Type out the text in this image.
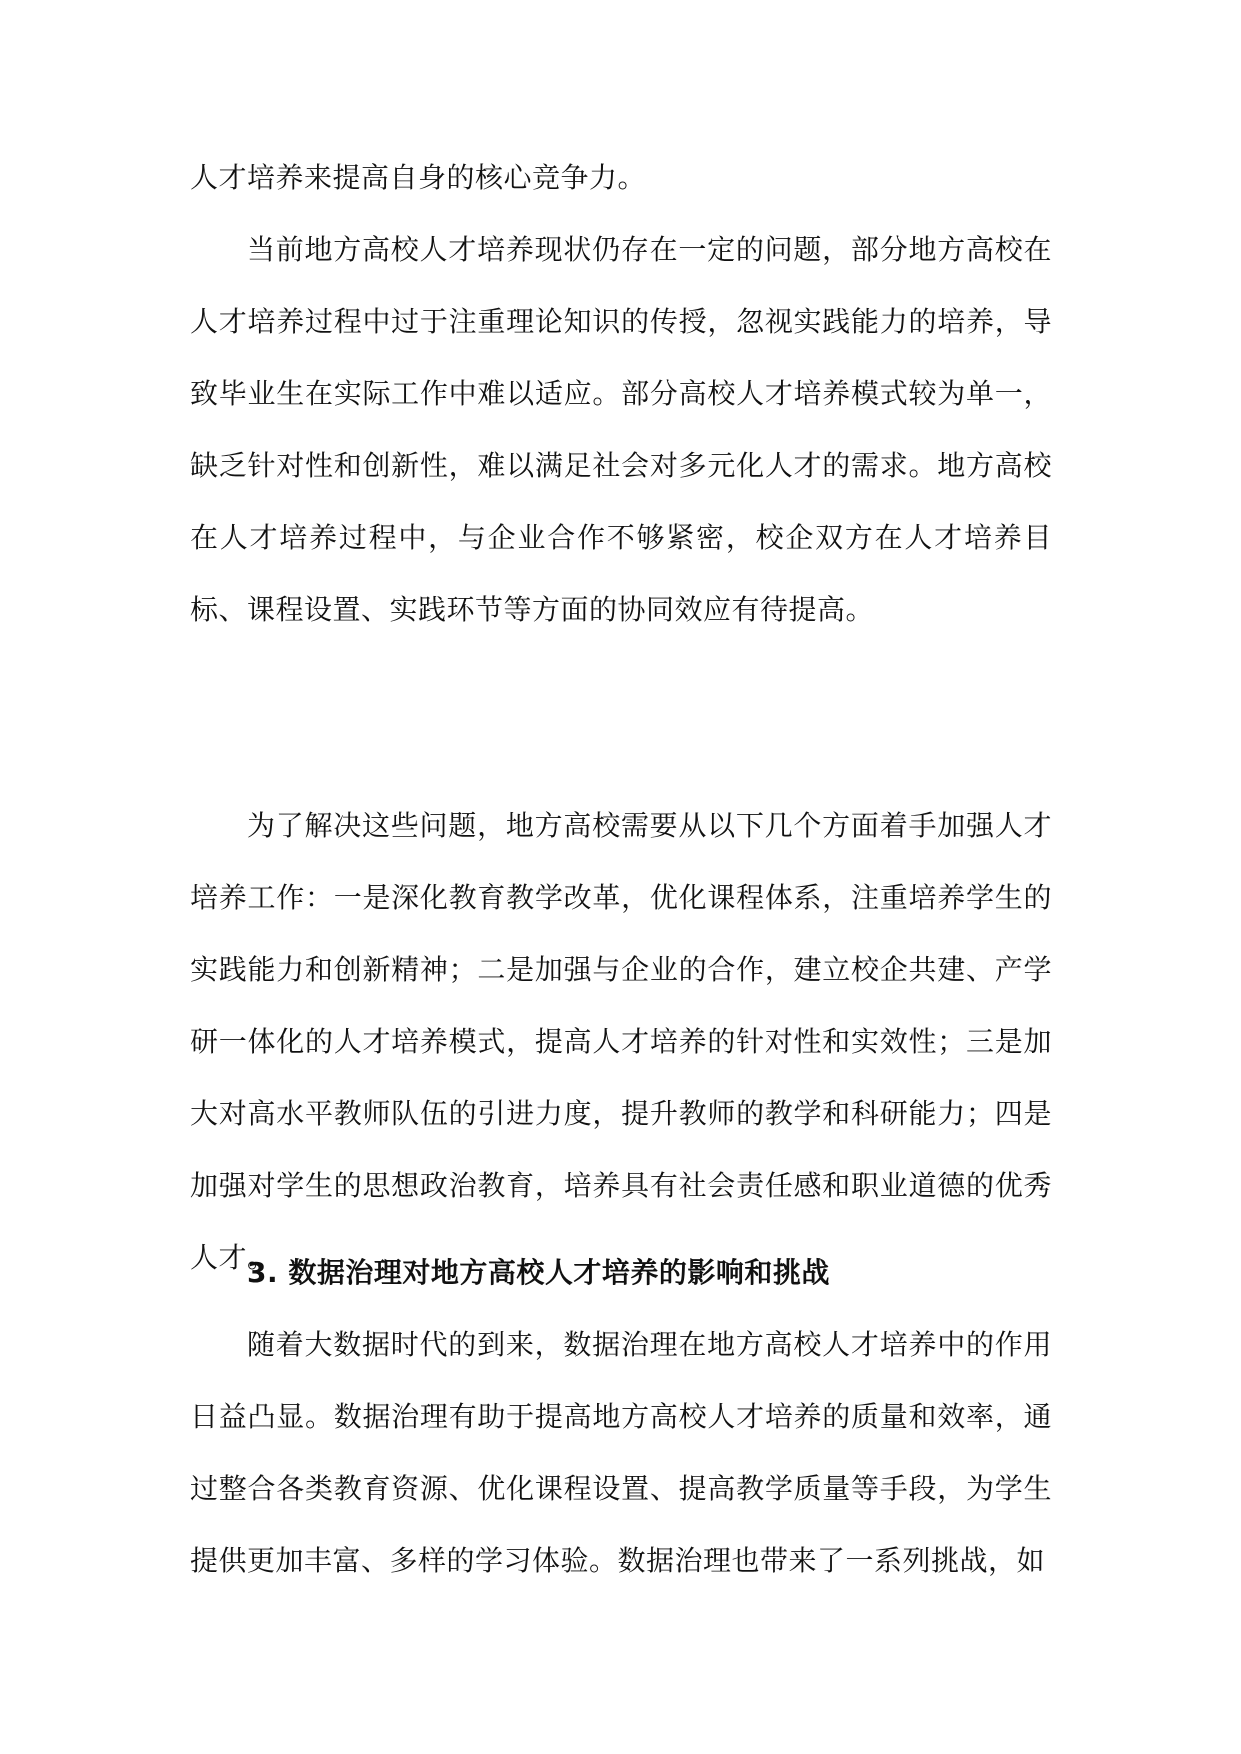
人才培养来提高自身的核心竞争力。

当前地方高校人才培养现状仍存在一定的问题，部分地方高校在人才培养过程中过于注重理论知识的传授，忽视实践能力的培养，导致毕业生在实际工作中难以适应。部分高校人才培养模式较为单一，缺乏针对性和创新性，难以满足社会对多元化人才的需求。地方高校在人才培养过程中，与企业合作不够紧密，校企双方在人才培养目标、课程设置、实践环节等方面的协同效应有待提高。

为了解决这些问题，地方高校需要从以下几个方面着手加强人才培养工作：一是深化教育教学改革，优化课程体系，注重培养学生的实践能力和创新精神；二是加强与企业的合作，建立校企共建、产学研一体化的人才培养模式，提高人才培养的针对性和实效性；三是加大对高水平教师队伍的引进力度，提升教师的教学和科研能力；四是加强对学生的思想政治教育，培养具有社会责任感和职业道德的优秀人才。

3. 数据治理对地方高校人才培养的影响和挑战

随着大数据时代的到来，数据治理在地方高校人才培养中的作用日益凸显。数据治理有助于提高地方高校人才培养的质量和效率，通过整合各类教育资源、优化课程设置、提高教学质量等手段，为学生提供更加丰富、多样的学习体验。数据治理也带来了一系列挑战，如
